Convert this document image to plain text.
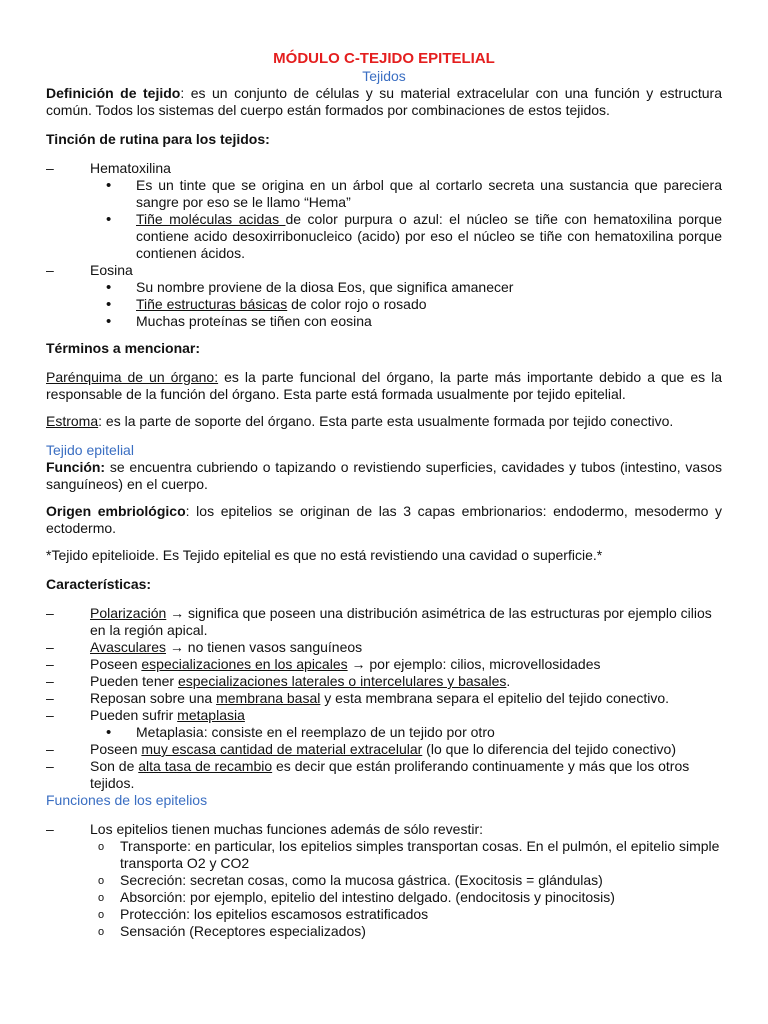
MÓDULO C-TEJIDO EPITELIAL
Tejidos

Definición de tejido: es un conjunto de células y su material extracelular con una función y estructura común. Todos los sistemas del cuerpo están formados por combinaciones de estos tejidos.

Tinción de rutina para los tejidos:

– Hematoxilina
• Es un tinte que se origina en un árbol que al cortarlo secreta una sustancia que pareciera sangre por eso se le llamo “Hema”
• Tiñe moléculas acidas de color purpura o azul: el núcleo se tiñe con hematoxilina porque contiene acido desoxirribonucleico (acido) por eso el núcleo se tiñe con hematoxilina porque contienen ácidos.
– Eosina
• Su nombre proviene de la diosa Eos, que significa amanecer
• Tiñe estructuras básicas de color rojo o rosado
• Muchas proteínas se tiñen con eosina

Términos a mencionar:

Parénquima de un órgano: es la parte funcional del órgano, la parte más importante debido a que es la responsable de la función del órgano. Esta parte está formada usualmente por tejido epitelial.

Estroma: es la parte de soporte del órgano. Esta parte esta usualmente formada por tejido conectivo.

Tejido epitelial

Función: se encuentra cubriendo o tapizando o revistiendo superficies, cavidades y tubos (intestino, vasos sanguíneos) en el cuerpo.

Origen embriológico: los epitelios se originan de las 3 capas embrionarios: endodermo, mesodermo y ectodermo.

*Tejido epitelioide. Es Tejido epitelial es que no está revistiendo una cavidad o superficie.*

Características:

– Polarización → significa que poseen una distribución asimétrica de las estructuras por ejemplo cilios en la región apical.
– Avasculares → no tienen vasos sanguíneos
– Poseen especializaciones en los apicales → por ejemplo: cilios, microvellosidades
– Pueden tener especializaciones laterales o intercelulares y basales.
– Reposan sobre una membrana basal y esta membrana separa el epitelio del tejido conectivo.
– Pueden sufrir metaplasia
• Metaplasia: consiste en el reemplazo de un tejido por otro
– Poseen muy escasa cantidad de material extracelular (lo que lo diferencia del tejido conectivo)
– Son de alta tasa de recambio es decir que están proliferando continuamente y más que los otros tejidos.
Funciones de los epitelios
– Los epitelios tienen muchas funciones además de sólo revestir:
o Transporte: en particular, los epitelios simples transportan cosas. En el pulmón, el epitelio simple transporta O2 y CO2
o Secreción: secretan cosas, como la mucosa gástrica. (Exocitosis = glándulas)
o Absorción: por ejemplo, epitelio del intestino delgado. (endocitosis y pinocitosis)
o Protección: los epitelios escamosos estratificados
o Sensación (Receptores especializados)
